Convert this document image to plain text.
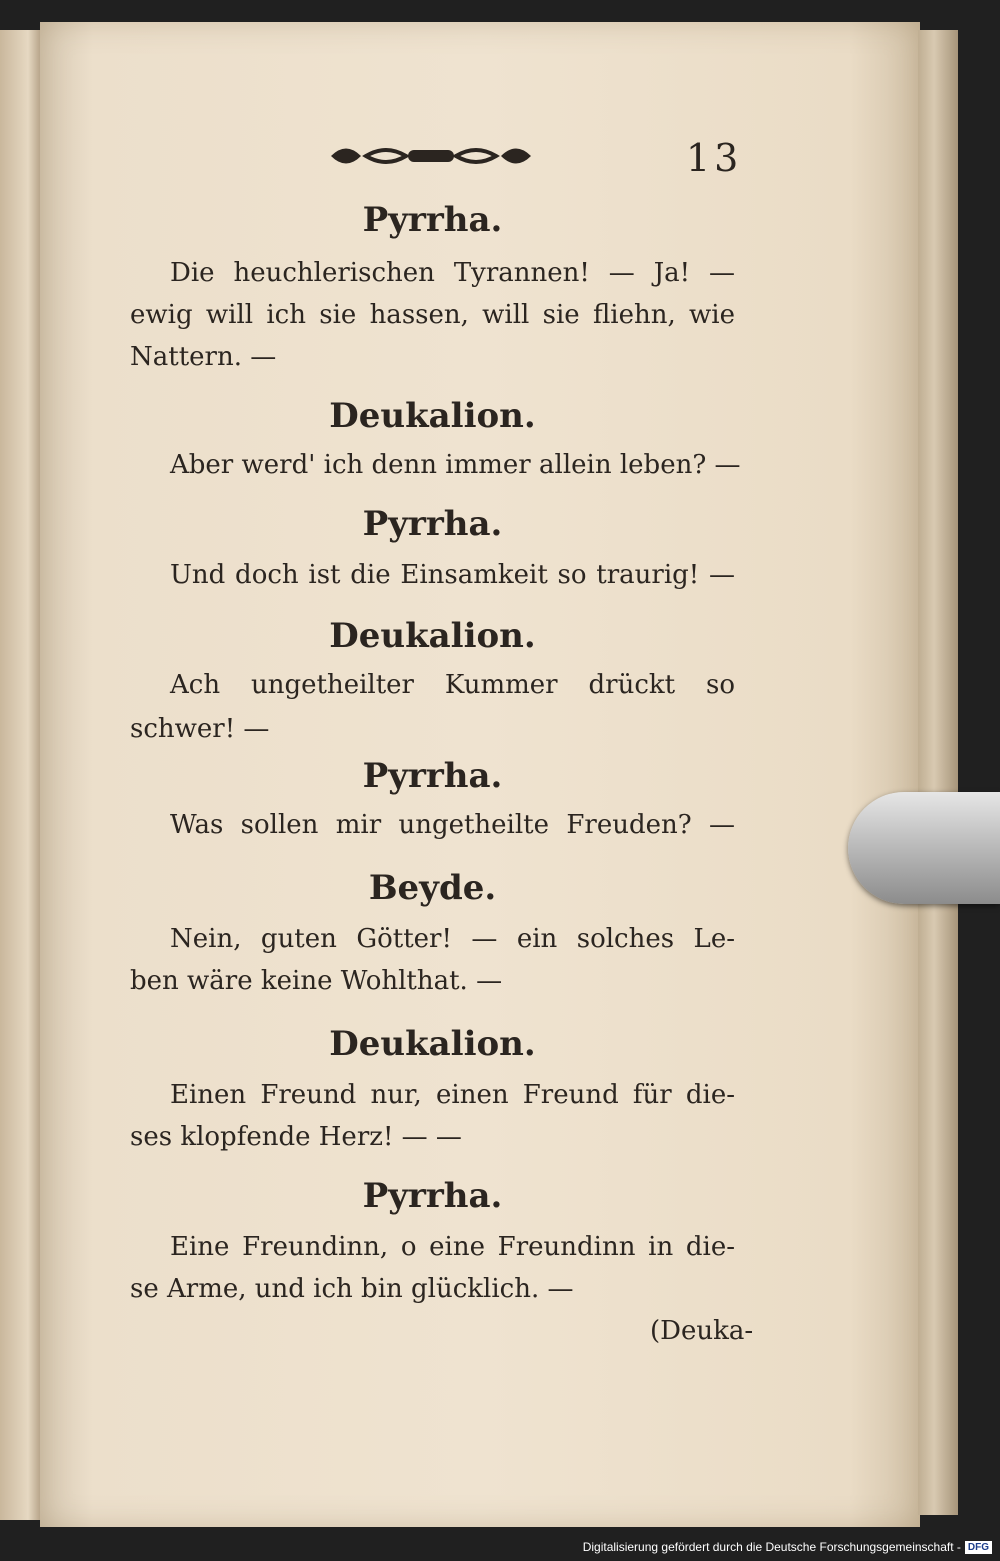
13
Pyrrha.
Die heuchlerischen Tyrannen! — Ja! —
ewig will ich sie hassen, will sie fliehn, wie
Nattern. —
Deukalion.
Aber werd' ich denn immer allein leben? —
Pyrrha.
Und doch ist die Einsamkeit so traurig! —
Deukalion.
Ach ungetheilter Kummer drückt so
schwer! —
Pyrrha.
Was sollen mir ungetheilte Freuden? —
Beyde.
Nein, guten Götter! — ein solches Le-
ben wäre keine Wohlthat. —
Deukalion.
Einen Freund nur, einen Freund für die-
ses klopfende Herz! — —
Pyrrha.
Eine Freundinn, o eine Freundinn in die-
se Arme, und ich bin glücklich. —
(Deuka-
Digitalisierung gefördert durch die Deutsche Forschungsgemeinschaft - DFG
